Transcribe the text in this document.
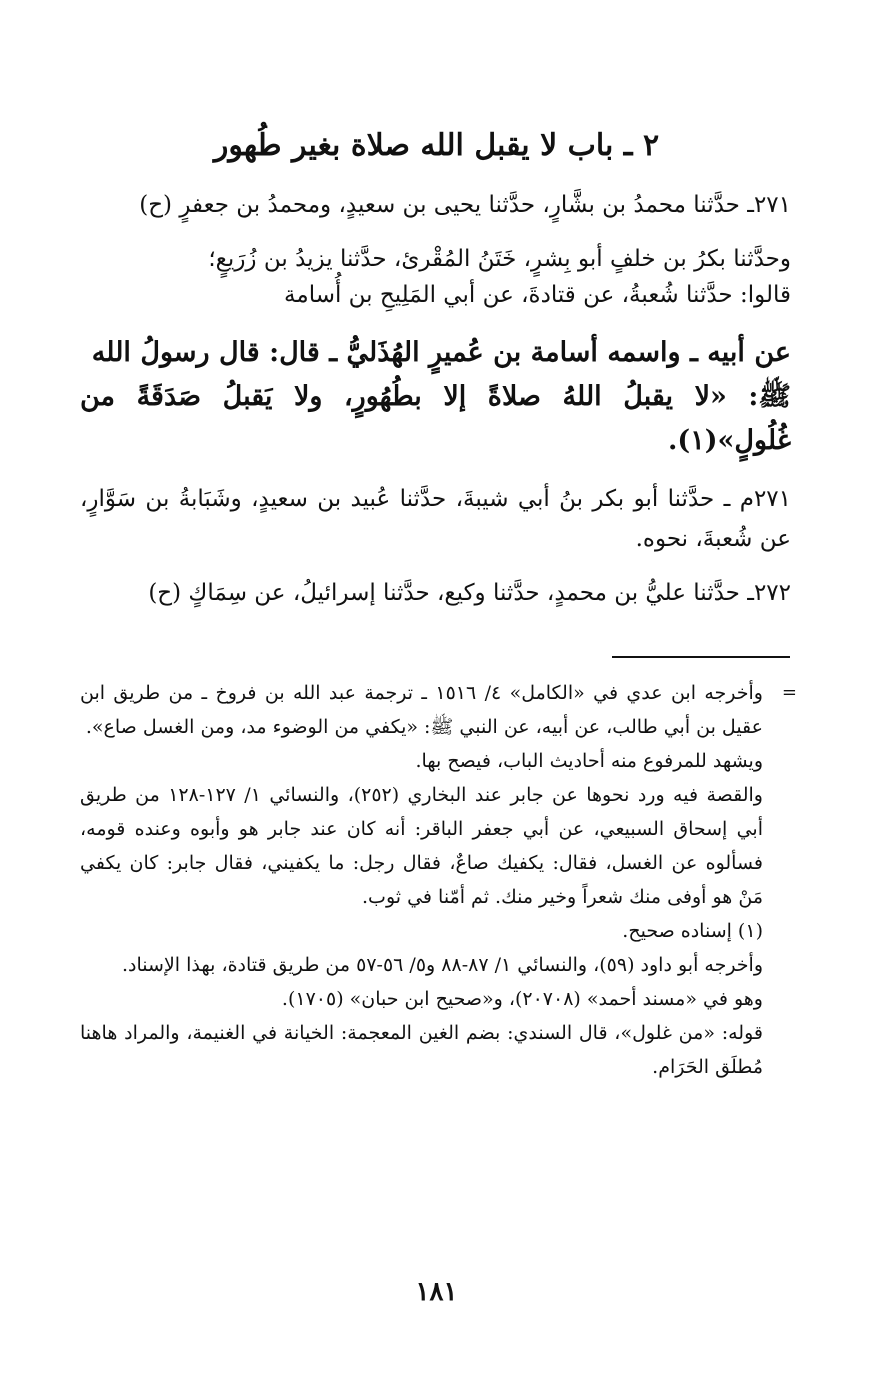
٢ ـ باب لا يقبل الله صلاة بغير طُهور

٢٧١ـ حدَّثنا محمدُ بن بشَّارٍ، حدَّثنا يحيى بن سعيدٍ، ومحمدُ بن جعفرٍ (ح)

وحدَّثنا بكرُ بن خلفٍ أبو بِشرٍ، خَتَنُ المُقْرئ، حدَّثنا يزيدُ بن زُرَيعٍ؛

قالوا: حدَّثنا شُعبةُ، عن قتادةَ، عن أبي المَلِيحِ بن أُسامة

عن أبيه ـ واسمه أسامة بن عُميرٍ الهُذَليُّ ـ قال: قال رسولُ الله

ﷺ: «لا يقبلُ اللهُ صلاةً إلا بطُهُورٍ، ولا يَقبلُ صَدَقَةً من غُلُولٍ»(١).

٢٧١م ـ حدَّثنا أبو بكر بنُ أبي شيبةَ، حدَّثنا عُبيد بن سعيدٍ، وشَبَابةُ بن سَوَّارٍ، عن شُعبةَ، نحوه.

٢٧٢ـ حدَّثنا عليُّ بن محمدٍ، حدَّثنا وكيع، حدَّثنا إسرائيلُ، عن سِمَاكٍ (ح)

=
وأخرجه ابن عدي في «الكامل» ٤/ ١٥١٦ ـ ترجمة عبد الله بن فروخ ـ من طريق ابن عقيل بن أبي طالب، عن أبيه، عن النبي ﷺ: «يكفي من الوضوء مد، ومن الغسل صاع».

ويشهد للمرفوع منه أحاديث الباب، فيصح بها.

والقصة فيه ورد نحوها عن جابر عند البخاري (٢٥٢)، والنسائي ١/ ١٢٧-١٢٨ من طريق أبي إسحاق السبيعي، عن أبي جعفر الباقر: أنه كان عند جابر هو وأبوه وعنده قومه، فسألوه عن الغسل، فقال: يكفيك صاعٌ، فقال رجل: ما يكفيني، فقال جابر: كان يكفي مَنْ هو أوفى منك شعراً وخير منك. ثم أمّنا في ثوب.

(١) إسناده صحيح.

وأخرجه أبو داود (٥٩)، والنسائي ١/ ٨٧-٨٨ و٥/ ٥٦-٥٧ من طريق قتادة، بهذا الإسناد.

وهو في «مسند أحمد» (٢٠٧٠٨)، و«صحيح ابن حبان» (١٧٠٥).

قوله: «من غلول»، قال السندي: بضم الغين المعجمة: الخيانة في الغنيمة، والمراد هاهنا مُطلَق الحَرَام.

١٨١
